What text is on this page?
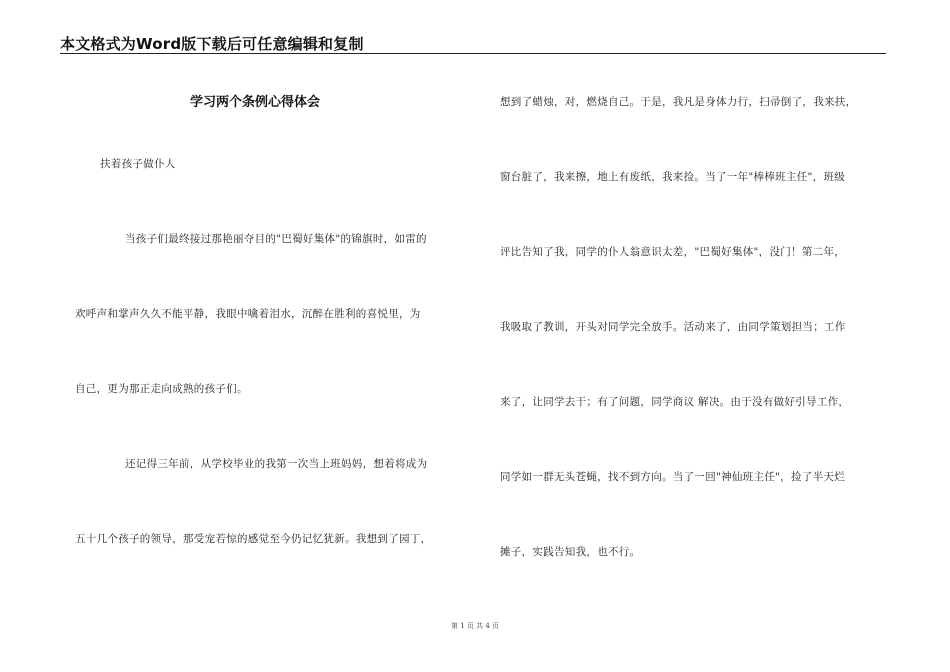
本文格式为Word版下载后可任意编辑和复制
学习两个条例心得体会
扶着孩子做仆人
当孩子们最终接过那艳丽夺目的"巴蜀好集体"的锦旗时，如雷的
欢呼声和掌声久久不能平静，我眼中噙着泪水，沉醉在胜利的喜悦里，为
自己，更为那正走向成熟的孩子们。
还记得三年前，从学校毕业的我第一次当上班妈妈，想着将成为
五十几个孩子的领导，那受宠若惊的感觉至今仍记忆犹新。我想到了园丁，
想到了蜡烛，对，燃烧自己。于是，我凡是身体力行，扫帚倒了，我来扶，
窗台脏了，我来擦，地上有废纸，我来捡。当了一年"棒棒班主任"，班级
评比告知了我，同学的仆人翁意识太差，"巴蜀好集体"，没门！第二年，
我吸取了教训，开头对同学完全放手。活动来了，由同学策划担当；工作
来了，让同学去干；有了问题，同学商议 解决。由于没有做好引导工作，
同学如一群无头苍蝇，找不到方向。当了一回"神仙班主任"，捡了半天烂
摊子，实践告知我，也不行。
第 1 页 共 4 页
